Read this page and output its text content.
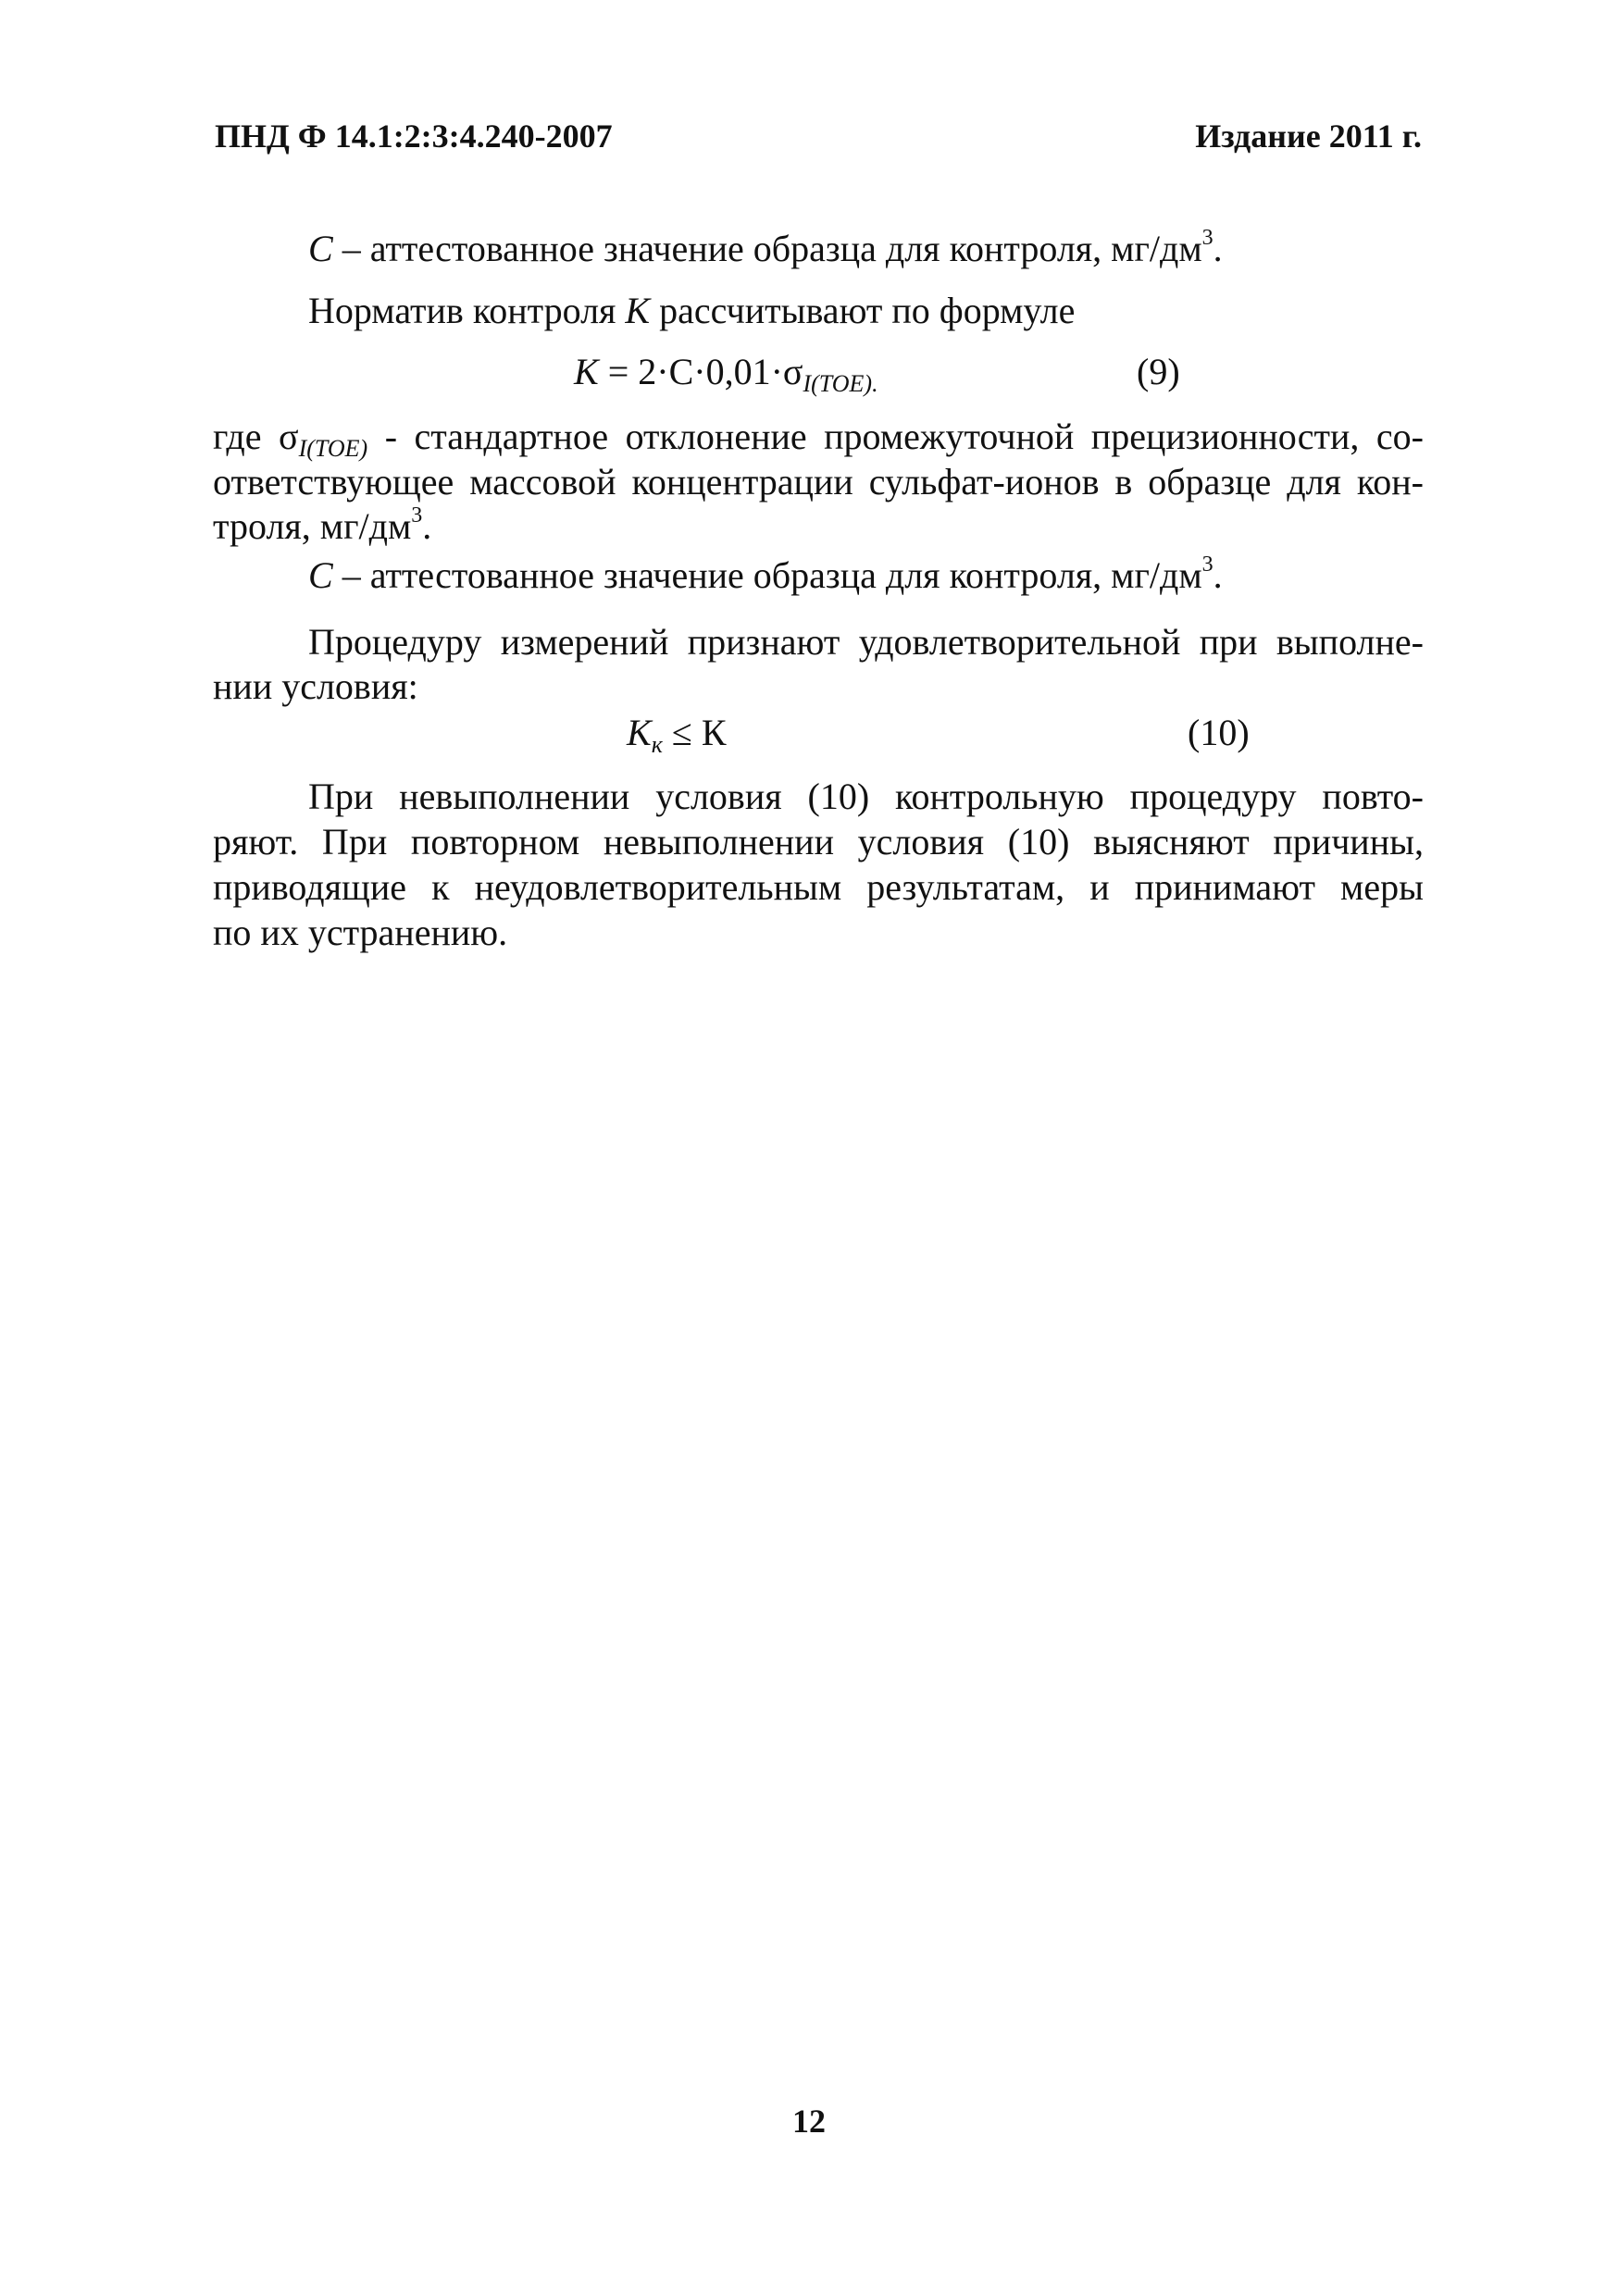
ПНД Ф 14.1:2:3:4.240-2007	Издание 2011 г.
C – аттестованное значение образца для контроля, $мг/дм^3$.
Норматив контроля K рассчитывают по формуле
$K = 2\cdot C\cdot 0,01\cdot\sigma_{I(TOE).}$	(9)
где $\sigma_{I(TOE)}$ - стандартное отклонение промежуточной прецизионности, со-
ответствующее массовой концентрации сульфат-ионов в образце для кон-
троля, $мг/дм^3$.
C – аттестованное значение образца для контроля, $мг/дм^3$.
Процедуру измерений признают удовлетворительной при выполне-
нии условия:
$K_к \le К$	(10)
При невыполнении условия (10) контрольную процедуру повто-
ряют. При повторном невыполнении условия (10) выясняют причины,
приводящие к неудовлетворительным результатам, и принимают меры
по их устранению.
12
